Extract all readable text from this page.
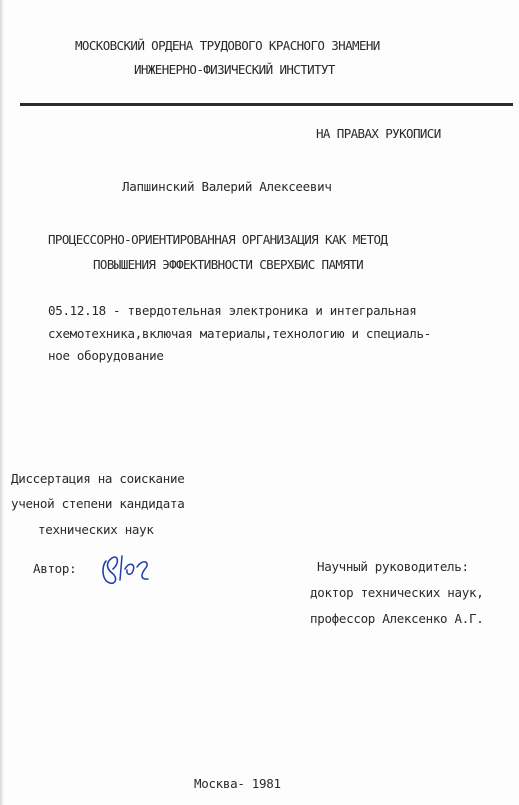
МОСКОВСКИЙ ОРДЕНА ТРУДОВОГО КРАСНОГО ЗНАМЕНИ
ИНЖЕНЕРНО-ФИЗИЧЕСКИЙ ИНСТИТУТ
НА ПРАВАХ РУКОПИСИ
Лапшинский Валерий Алексеевич
ПРОЦЕССОРНО-ОРИЕНТИРОВАННАЯ ОРГАНИЗАЦИЯ КАК МЕТОД
ПОВЫШЕНИЯ ЭФФЕКТИВНОСТИ СВЕРХБИС ПАМЯТИ
05.12.18 - твердотельная электроника и интегральная
схемотехника,включая материалы,технологию и специаль-
ное оборудование
Диссертация на соискание
ученой степени кандидата
технических наук
Автор:	Научный руководитель:
доктор технических наук,
профессор Алексенко А.Г.
Москва- 1981
